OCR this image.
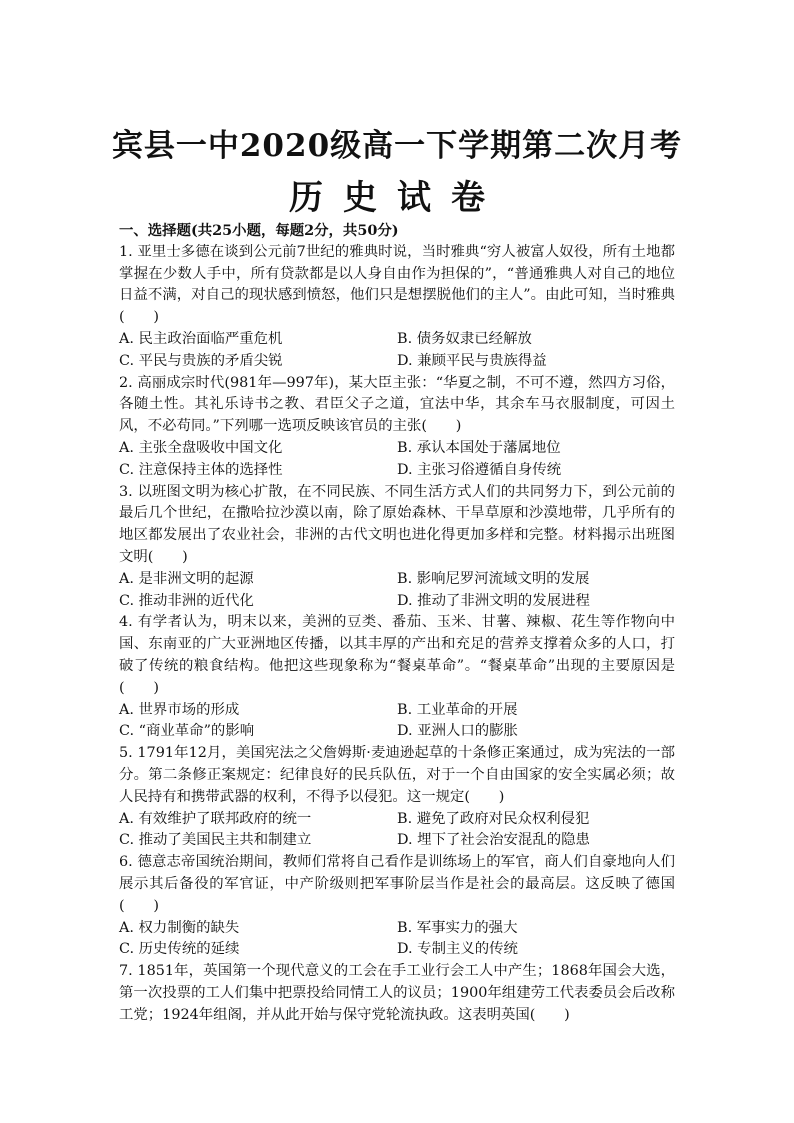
宾县一中2020级高一下学期第二次月考
历史试卷
一、选择题(共25小题，每题2分，共50分)
1. 亚里士多德在谈到公元前7世纪的雅典时说，当时雅典“穷人被富人奴役，所有土地都掌握在少数人手中，所有贷款都是以人身自由作为担保的”，“普通雅典人对自己的地位日益不满，对自己的现状感到愤怒，他们只是想摆脱他们的主人”。由此可知，当时雅典(　　)
A. 民主政治面临严重危机	B. 债务奴隶已经解放
C. 平民与贵族的矛盾尖锐	D. 兼顾平民与贵族得益
2. 高丽成宗时代(981年—997年)，某大臣主张：“华夏之制，不可不遵，然四方习俗，各随土性。其礼乐诗书之教、君臣父子之道，宜法中华，其余车马衣服制度，可因土风，不必苟同。”下列哪一选项反映该官员的主张(　　)
A. 主张全盘吸收中国文化	B. 承认本国处于藩属地位
C. 注意保持主体的选择性	D. 主张习俗遵循自身传统
3. 以班图文明为核心扩散，在不同民族、不同生活方式人们的共同努力下，到公元前的最后几个世纪，在撒哈拉沙漠以南，除了原始森林、干旱草原和沙漠地带，几乎所有的地区都发展出了农业社会，非洲的古代文明也进化得更加多样和完整。材料揭示出班图文明(　　)
A. 是非洲文明的起源	B. 影响尼罗河流域文明的发展
C. 推动非洲的近代化	D. 推动了非洲文明的发展进程
4. 有学者认为，明末以来，美洲的豆类、番茄、玉米、甘薯、辣椒、花生等作物向中国、东南亚的广大亚洲地区传播，以其丰厚的产出和充足的营养支撑着众多的人口，打破了传统的粮食结构。他把这些现象称为“餐桌革命”。“餐桌革命”出现的主要原因是(　　)
A. 世界市场的形成	B. 工业革命的开展
C. “商业革命”的影响	D. 亚洲人口的膨胀
5. 1791年12月，美国宪法之父詹姆斯·麦迪逊起草的十条修正案通过，成为宪法的一部分。第二条修正案规定：纪律良好的民兵队伍，对于一个自由国家的安全实属必须；故人民持有和携带武器的权利，不得予以侵犯。这一规定(　　)
A. 有效维护了联邦政府的统一	B. 避免了政府对民众权利侵犯
C. 推动了美国民主共和制建立	D. 埋下了社会治安混乱的隐患
6. 德意志帝国统治期间，教师们常将自己看作是训练场上的军官，商人们自豪地向人们展示其后备役的军官证，中产阶级则把军事阶层当作是社会的最高层。这反映了德国(　　)
A. 权力制衡的缺失	B. 军事实力的强大
C. 历史传统的延续	D. 专制主义的传统
7. 1851年，英国第一个现代意义的工会在手工业行会工人中产生；1868年国会大选，第一次投票的工人们集中把票投给同情工人的议员；1900年组建劳工代表委员会后改称工党；1924年组阁，并从此开始与保守党轮流执政。这表明英国(　　)
